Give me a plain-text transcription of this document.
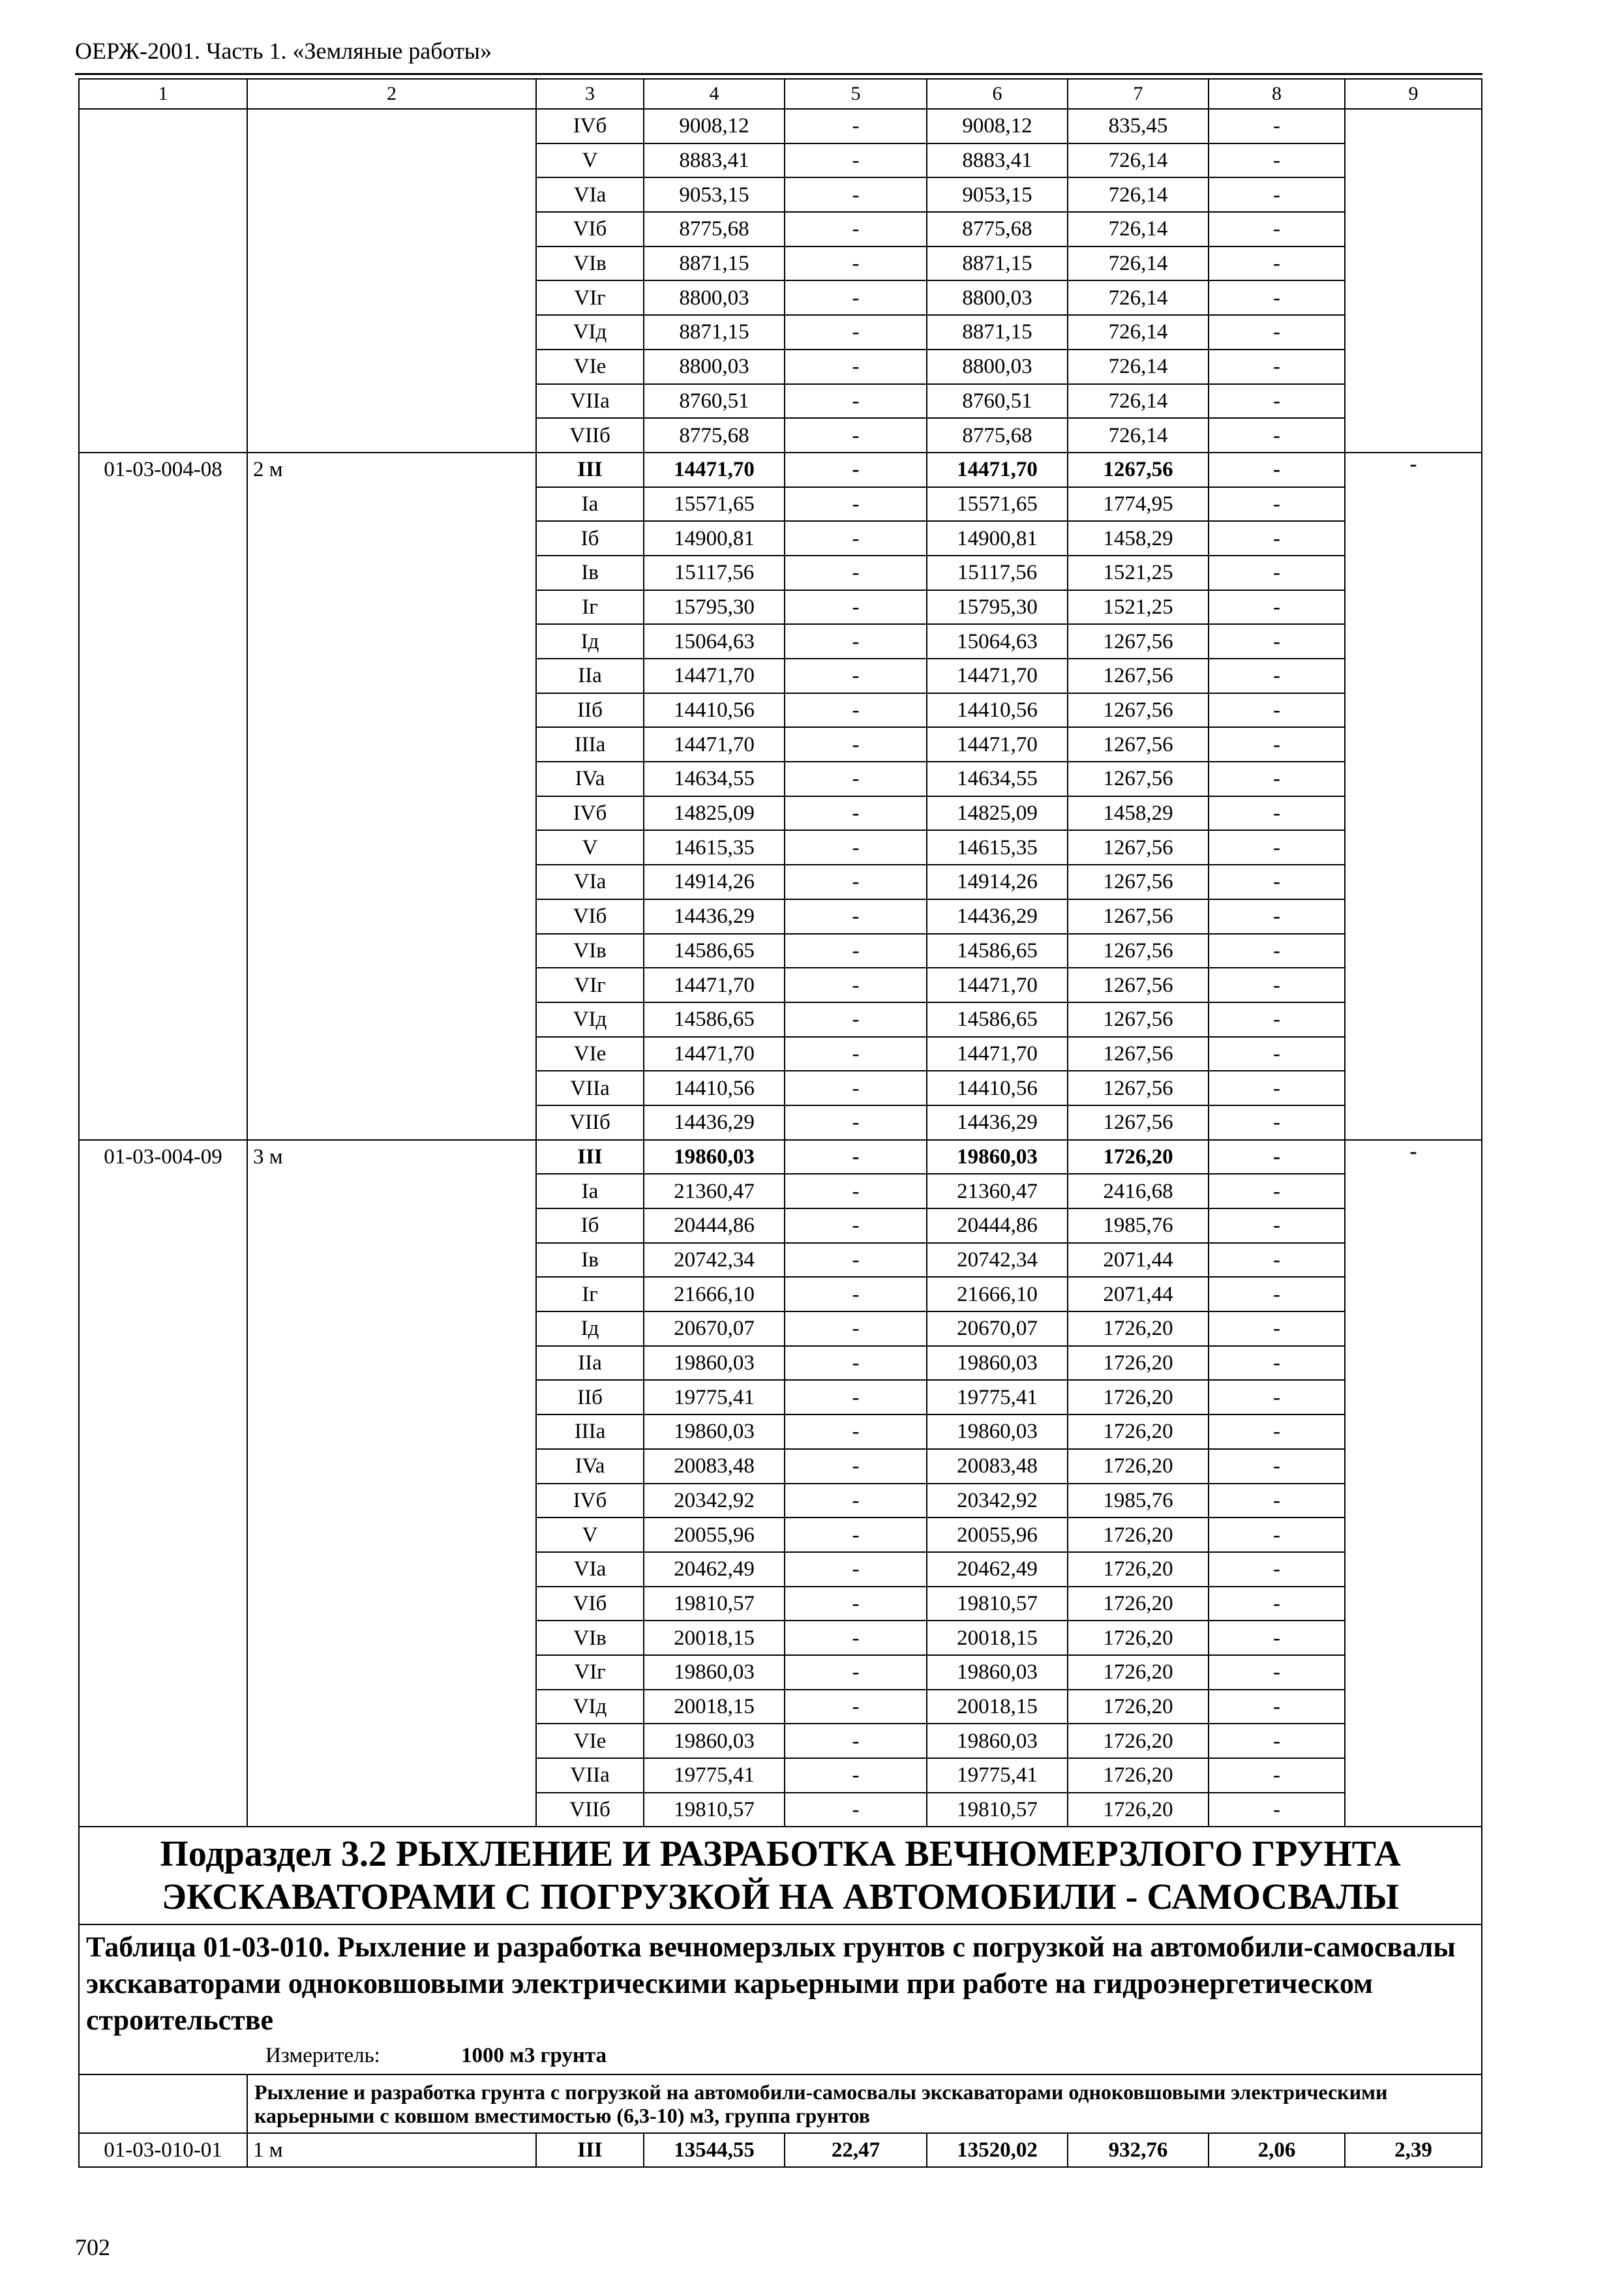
ОЕРЖ-2001. Часть 1. «Земляные работы»
1	2	3	4	5	6	7	8	9
		IVб	9008,12	-	9008,12	835,45	-	
		V	8883,41	-	8883,41	726,14	-	
		VIa	9053,15	-	9053,15	726,14	-	
		VIб	8775,68	-	8775,68	726,14	-	
		VIв	8871,15	-	8871,15	726,14	-	
		VIг	8800,03	-	8800,03	726,14	-	
		VIд	8871,15	-	8871,15	726,14	-	
		VIe	8800,03	-	8800,03	726,14	-	
		VIIa	8760,51	-	8760,51	726,14	-	
		VIIб	8775,68	-	8775,68	726,14	-	
01-03-004-08	2 м	III	14471,70	-	14471,70	1267,56	-	-
		Ia	15571,65	-	15571,65	1774,95	-	
		Iб	14900,81	-	14900,81	1458,29	-	
		Iв	15117,56	-	15117,56	1521,25	-	
		Iг	15795,30	-	15795,30	1521,25	-	
		Iд	15064,63	-	15064,63	1267,56	-	
		IIa	14471,70	-	14471,70	1267,56	-	
		IIб	14410,56	-	14410,56	1267,56	-	
		IIIa	14471,70	-	14471,70	1267,56	-	
		IVa	14634,55	-	14634,55	1267,56	-	
		IVб	14825,09	-	14825,09	1458,29	-	
		V	14615,35	-	14615,35	1267,56	-	
		VIa	14914,26	-	14914,26	1267,56	-	
		VIб	14436,29	-	14436,29	1267,56	-	
		VIв	14586,65	-	14586,65	1267,56	-	
		VIг	14471,70	-	14471,70	1267,56	-	
		VIд	14586,65	-	14586,65	1267,56	-	
		VIe	14471,70	-	14471,70	1267,56	-	
		VIIa	14410,56	-	14410,56	1267,56	-	
		VIIб	14436,29	-	14436,29	1267,56	-	
01-03-004-09	3 м	III	19860,03	-	19860,03	1726,20	-	-
		Ia	21360,47	-	21360,47	2416,68	-	
		Iб	20444,86	-	20444,86	1985,76	-	
		Iв	20742,34	-	20742,34	2071,44	-	
		Iг	21666,10	-	21666,10	2071,44	-	
		Iд	20670,07	-	20670,07	1726,20	-	
		IIa	19860,03	-	19860,03	1726,20	-	
		IIб	19775,41	-	19775,41	1726,20	-	
		IIIa	19860,03	-	19860,03	1726,20	-	
		IVa	20083,48	-	20083,48	1726,20	-	
		IVб	20342,92	-	20342,92	1985,76	-	
		V	20055,96	-	20055,96	1726,20	-	
		VIa	20462,49	-	20462,49	1726,20	-	
		VIб	19810,57	-	19810,57	1726,20	-	
		VIв	20018,15	-	20018,15	1726,20	-	
		VIг	19860,03	-	19860,03	1726,20	-	
		VIд	20018,15	-	20018,15	1726,20	-	
		VIe	19860,03	-	19860,03	1726,20	-	
		VIIa	19775,41	-	19775,41	1726,20	-	
		VIIб	19810,57	-	19810,57	1726,20	-	
Подраздел 3.2 РЫХЛЕНИЕ И РАЗРАБОТКА ВЕЧНОМЕРЗЛОГО ГРУНТА ЭКСКАВАТОРАМИ С ПОГРУЗКОЙ НА АВТОМОБИЛИ - САМОСВАЛЫ								

Таблица 01-03-010. Рыхление и разработка вечномерзлых грунтов с погрузкой на автомобили-самосвалы экскаваторами одноковшовыми электрическими карьерными при работе на гидроэнергетическом строительстве
Измеритель: 1000 м3 грунта								

	Рыхление и разработка грунта с погрузкой на автомобили-самосвалы экскаваторами одноковшовыми электрическими карьерными с ковшом вместимостью (6,3-10) м3, группа грунтов							
01-03-010-01	1 м	III	13544,55	22,47	13520,02	932,76	2,06	2,39
702
